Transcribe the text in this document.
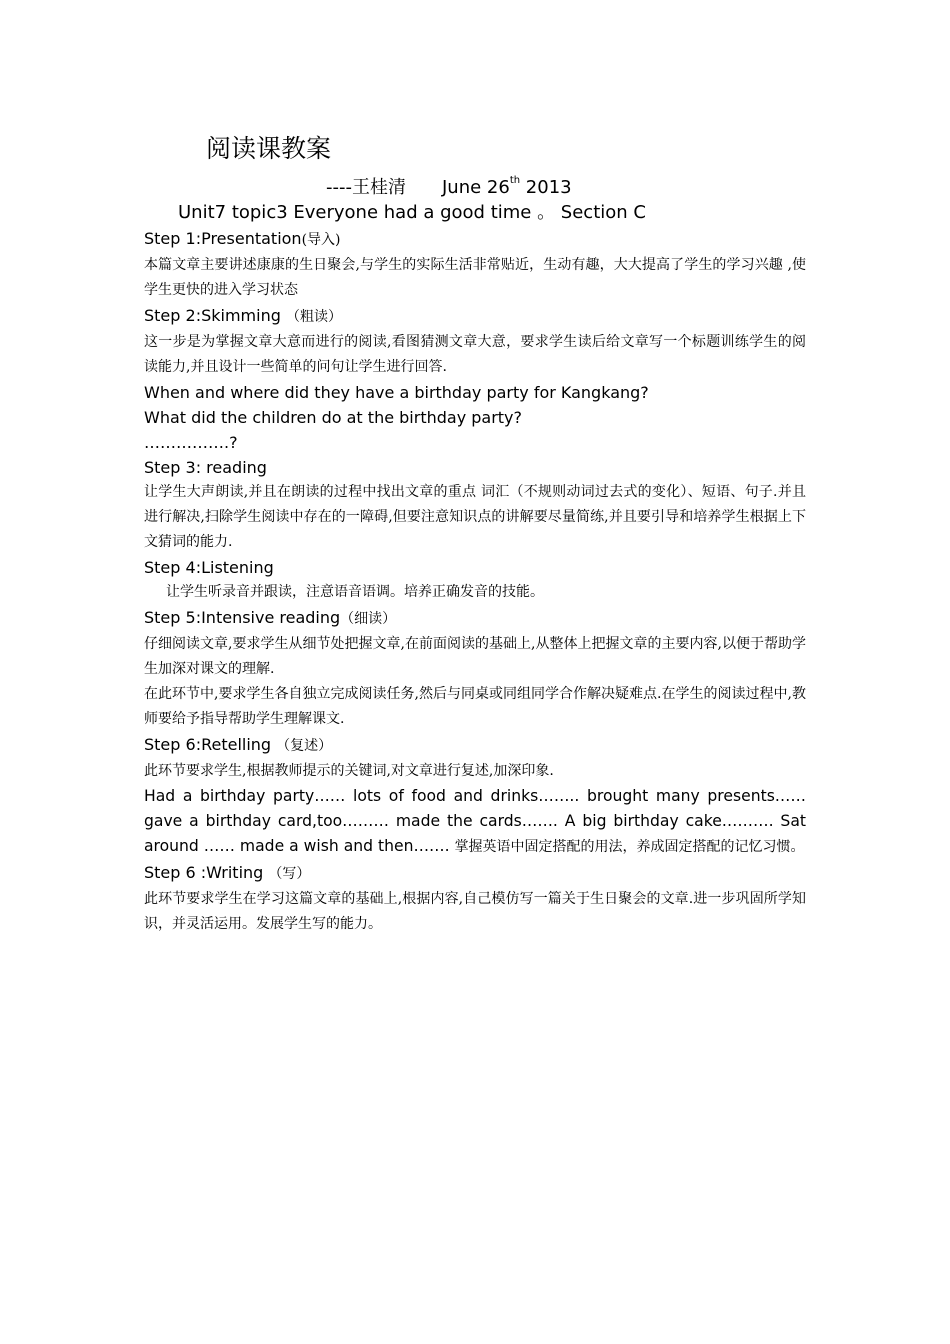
阅读课教案
----王桂清 June 26th 2013
Unit7 topic3 Everyone had a good time 。 Section C
Step 1:Presentation(导入)
本篇文章主要讲述康康的生日聚会,与学生的实际生活非常贴近，生动有趣，大大提高了学生的学习兴趣 ,使学生更快的进入学习状态
Step 2:Skimming （粗读）
这一步是为掌握文章大意而进行的阅读,看图猜测文章大意，要求学生读后给文章写一个标题训练学生的阅读能力,并且设计一些简单的问句让学生进行回答.
When and where did they have a birthday party for Kangkang?
What did the children do at the birthday party?
…………….?
Step 3: reading
让学生大声朗读,并且在朗读的过程中找出文章的重点 词汇（不规则动词过去式的变化）、短语、句子.并且进行解决,扫除学生阅读中存在的一障碍,但要注意知识点的讲解要尽量简练,并且要引导和培养学生根据上下文猜词的能力.
Step 4:Listening
让学生听录音并跟读，注意语音语调。培养正确发音的技能。
Step 5:Intensive reading（细读）
仔细阅读文章,要求学生从细节处把握文章,在前面阅读的基础上,从整体上把握文章的主要内容,以便于帮助学生加深对课文的理解.
在此环节中,要求学生各自独立完成阅读任务,然后与同桌或同组同学合作解决疑难点.在学生的阅读过程中,教师要给予指导帮助学生理解课文.
Step 6:Retelling （复述）
此环节要求学生,根据教师提示的关键词,对文章进行复述,加深印象.
Had a birthday party…… lots of food and drinks…….. brought many presents…… gave a birthday card,too……… made the cards……. A big birthday cake………. Sat around …… made a wish and then……. 掌握英语中固定搭配的用法，养成固定搭配的记忆习惯。
Step 6 :Writing （写）
此环节要求学生在学习这篇文章的基础上,根据内容,自己模仿写一篇关于生日聚会的文章.进一步巩固所学知识，并灵活运用。发展学生写的能力。
